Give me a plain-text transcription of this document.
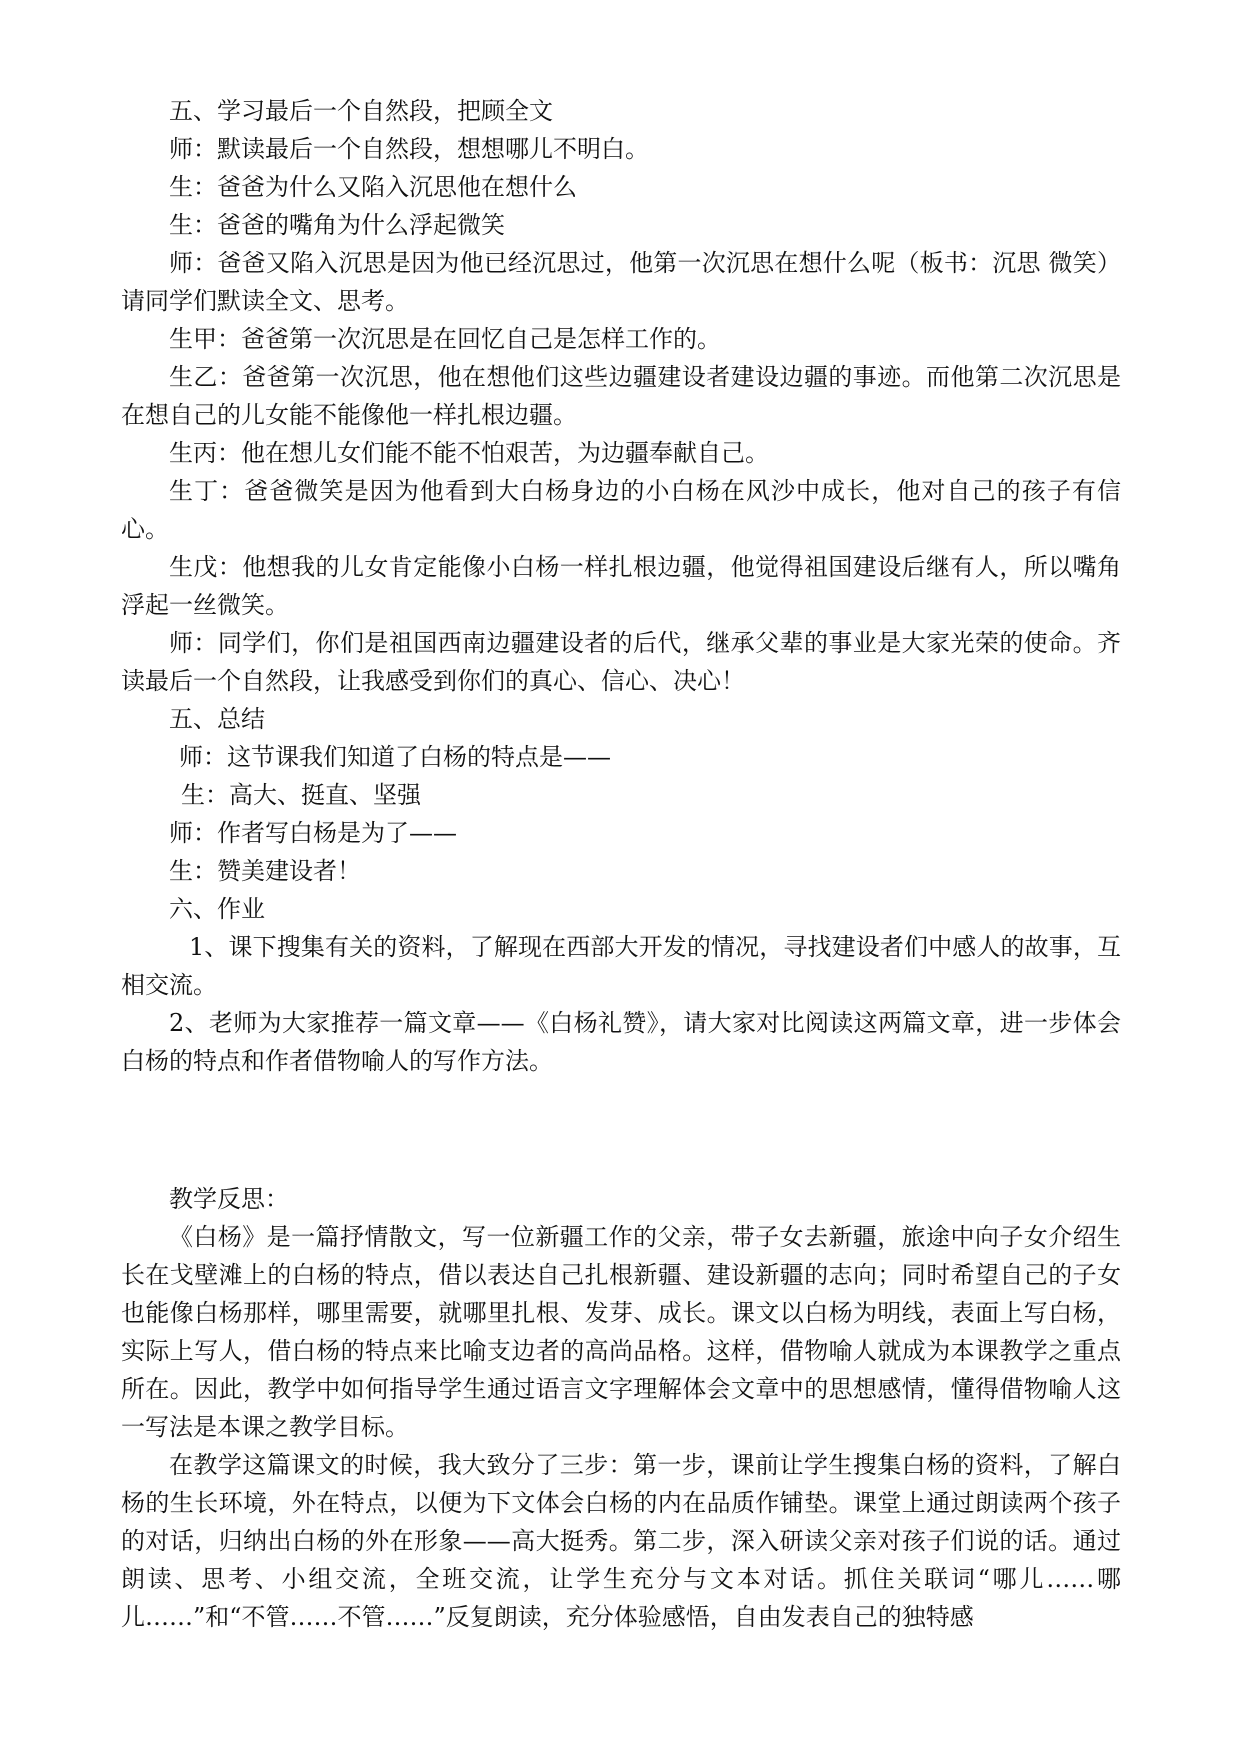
五、学习最后一个自然段，把顾全文

师：默读最后一个自然段，想想哪儿不明白。

生：爸爸为什么又陷入沉思他在想什么

生：爸爸的嘴角为什么浮起微笑

师：爸爸又陷入沉思是因为他已经沉思过，他第一次沉思在想什么呢（板书：沉思 微笑）请同学们默读全文、思考。

生甲：爸爸第一次沉思是在回忆自己是怎样工作的。

生乙：爸爸第一次沉思，他在想他们这些边疆建设者建设边疆的事迹。而他第二次沉思是在想自己的儿女能不能像他一样扎根边疆。

生丙：他在想儿女们能不能不怕艰苦，为边疆奉献自己。

生丁：爸爸微笑是因为他看到大白杨身边的小白杨在风沙中成长，他对自己的孩子有信心。

生戊：他想我的儿女肯定能像小白杨一样扎根边疆，他觉得祖国建设后继有人，所以嘴角浮起一丝微笑。

师：同学们，你们是祖国西南边疆建设者的后代，继承父辈的事业是大家光荣的使命。齐读最后一个自然段，让我感受到你们的真心、信心、决心！

五、总结

师：这节课我们知道了白杨的特点是——

生：高大、挺直、坚强

师：作者写白杨是为了——

生：赞美建设者！

六、作业

1、课下搜集有关的资料，了解现在西部大开发的情况，寻找建设者们中感人的故事，互相交流。

2、老师为大家推荐一篇文章——《白杨礼赞》，请大家对比阅读这两篇文章，进一步体会白杨的特点和作者借物喻人的写作方法。

教学反思：

《白杨》是一篇抒情散文，写一位新疆工作的父亲，带子女去新疆，旅途中向子女介绍生长在戈壁滩上的白杨的特点，借以表达自己扎根新疆、建设新疆的志向；同时希望自己的子女也能像白杨那样，哪里需要，就哪里扎根、发芽、成长。课文以白杨为明线，表面上写白杨，实际上写人，借白杨的特点来比喻支边者的高尚品格。这样，借物喻人就成为本课教学之重点所在。因此，教学中如何指导学生通过语言文字理解体会文章中的思想感情，懂得借物喻人这一写法是本课之教学目标。

在教学这篇课文的时候，我大致分了三步：第一步，课前让学生搜集白杨的资料，了解白杨的生长环境，外在特点，以便为下文体会白杨的内在品质作铺垫。课堂上通过朗读两个孩子的对话，归纳出白杨的外在形象——高大挺秀。第二步，深入研读父亲对孩子们说的话。通过朗读、思考、小组交流，全班交流，让学生充分与文本对话。抓住关联词“哪儿……哪儿……”和“不管……不管……”反复朗读，充分体验感悟，自由发表自己的独特感
